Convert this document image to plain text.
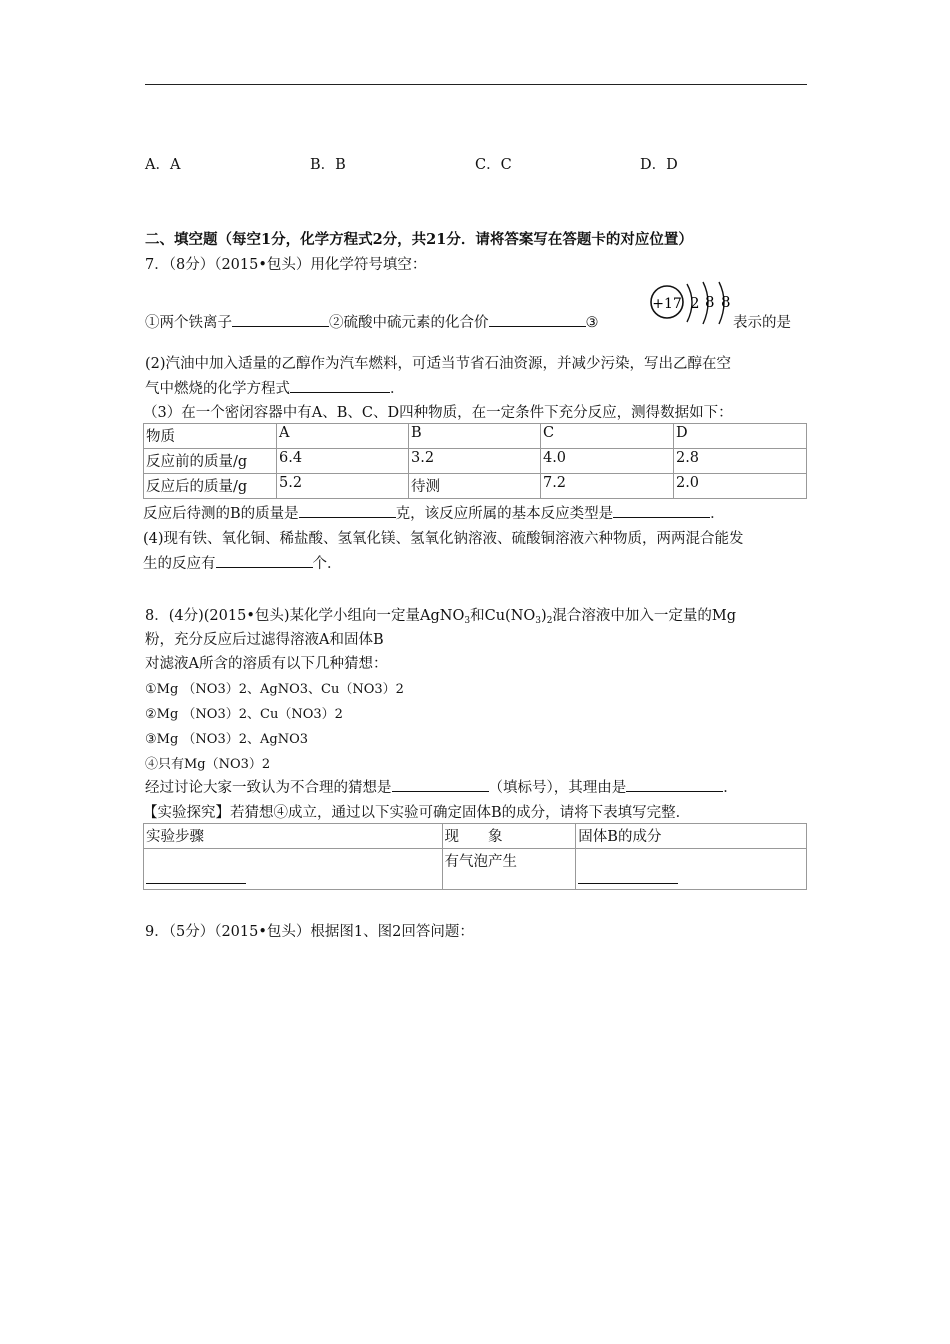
A．A	B．B	C．C	D．D
二、填空题（每空1分，化学方程式2分，共21分．请将答案写在答题卡的对应位置）
7．（8分）（2015•包头）用化学符号填空：
①两个铁离子	②硫酸中硫元素的化合价	③
+17 2 8 8
表示的是
(2)汽油中加入适量的乙醇作为汽车燃料，可适当节省石油资源，并减少污染，写出乙醇在空
气中燃烧的化学方程式	．
（3）在一个密闭容器中有A、B、C、D四种物质，在一定条件下充分反应，测得数据如下：
物质	A	B	C	D
反应前的质量/g	6.4	3.2	4.0	2.8
反应后的质量/g	5.2	待测	7.2	2.0
反应后待测的B的质量是	克，该反应所属的基本反应类型是	．
(4)现有铁、氧化铜、稀盐酸、氢氧化镁、氢氧化钠溶液、硫酸铜溶液六种物质，两两混合能发
生的反应有	个．
8．(4分)(2015•包头)某化学小组向一定量AgNO$_3$和$Cu(NO_3)_2$混合溶液中加入一定量的Mg
粉，充分反应后过滤得溶液A和固体B
对滤液A所含的溶质有以下几种猜想：
①Mg （NO3）2、AgNO3、Cu（NO3）2
②Mg （NO3）2、Cu（NO3）2
③Mg （NO3）2、AgNO3
④只有Mg（NO3）2
经过讨论大家一致认为不合理的猜想是	（填标号），其理由是	．
【实验探究】若猜想④成立，通过以下实验可确定固体B的成分，请将下表填写完整．
实验步骤	现　　象	固体B的成分
	有气泡产生	
9．（5分）（2015•包头）根据图1、图2回答问题：
